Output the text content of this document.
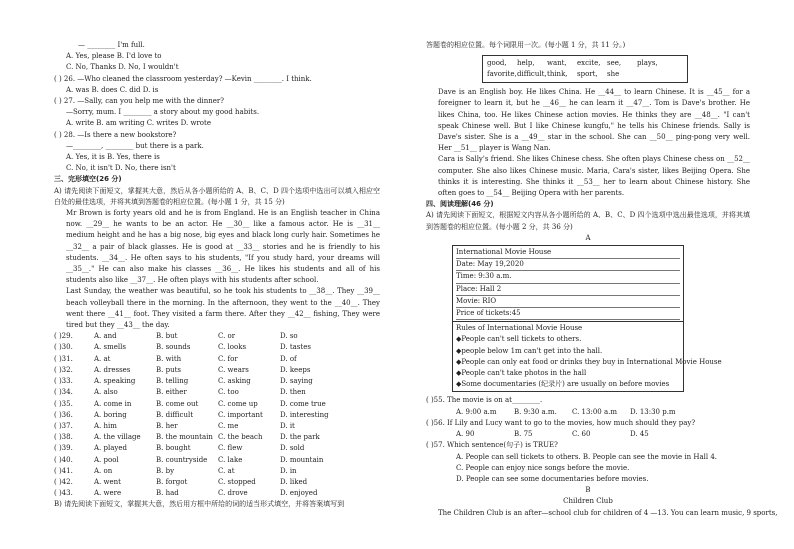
— ________ I'm full.
A. Yes, please B. I'd love to
C. No, Thanks D. No, I wouldn't
( ) 26. —Who cleaned the classroom yesterday? —Kevin ________. I think.
A. was B. does C. did D. is
( ) 27. —Sally, can you help me with the dinner?
—Sorry, mum. I ________ a story about my good habits.
A. write B. am writing C. writes D. wrote
( ) 28. —Is there a new bookstore?
—________, ________ but there is a park.
A. Yes, it is B. Yes, there is
C. No, it isn't D. No, there isn't
三、完形填空(26 分)
A) 请先阅读下面短文，掌握其大意，然后从各小题所给的 A、B、C、D 四个选项中选出可以填入相应空白处的最佳选项，并将其填到答题卷的相应位置。(每小题 1 分，共 15 分)
Mr Brown is forty years old and he is from England. He is an English teacher in China now. __29__ he wants to be an actor. He __30__ like a famous actor. He is __31__ medium height and he has a big nose, big eyes and black long curly hair. Sometimes he __32__ a pair of black glasses. He is good at __33__ stories and he is friendly to his students. __34__. He often says to his students, "If you study hard, your dreams will __35__." He can also make his classes __36__. He likes his students and all of his students also like __37__. He often plays with his students after school.
Last Sunday, the weather was beautiful, so he took his students to __38__. They __39__ beach volleyball there in the morning. In the afternoon, they went to the __40__. They went there __41__ foot. They visited a farm there. After they __42__ fishing, They were tired but they __43__ the day.
( )29.	A. and	B. but	C. or	D. so
( )30.	A. smells	B. sounds	C. looks	D. tastes
( )31.	A. at	B. with	C. for	D. of
( )32.	A. dresses	B. puts	C. wears	D. keeps
( )33.	A. speaking	B. telling	C. asking	D. saying
( )34.	A. also	B. either	C. too	D. then
( )35.	A. come in	B. come out	C. come up	D. come true
( )36.	A. boring	B. difficult	C. important	D. interesting
( )37.	A. him	B. her	C. me	D. it
( )38.	A. the village	B. the mountain C. the beach	D. the park
( )39.	A. played	B. bought	C. flew	D. sold
( )40.	A. pool	B. countryside	C. lake	D. mountain
( )41.	A. on	B. by	C. at	D. in
( )42.	A. went	B. forgot	C. stopped	D. liked
( )43.	A. were	B. had	C. drove	D. enjoyed
B) 请先阅读下面短文，掌握其大意，然后用方框中所给的词的适当形式填空，并将答案填写到
答题卷的相应位置。每个词限用一次。(每小题 1 分，共 11 分。)
good, help, want, excite, see, plays,
favorite,difficult,think, sport, she
Dave is an English boy. He likes China. He __44__ to learn Chinese. It is __45__ for a foreigner to learn it, but he __46__ he can learn it __47__. Tom is Dave's brother. He likes China, too. He likes Chinese action movies. He thinks they are __48__. "I can't speak Chinese well. But I like Chinese kungfu," he tells his Chinese friends. Sally is Dave's sister. She is a __49__ star in the school. She can __50__ ping-pong very well. Her __51__ player is Wang Nan.
Cara is Sally's friend. She likes Chinese chess. She often plays Chinese chess on __52__ computer. She also likes Chinese music. Maria, Cara's sister, likes Beijing Opera. She thinks it is interesting. She thinks it __53__ her to learn about Chinese history. She often goes to __54__ Beijing Opera with her parents.
四、阅读理解(46 分)
A) 请先阅读下面短文，根据短文内容从各小题所给的 A、B、C、D 四个选项中选出最佳选项，并将其填到答题卷的相应位置。(每小题 2 分，共 36 分)
A
International Movie House
Date: May 19,2020
Time: 9:30 a.m.
Place: Hall 2
Movie: RIO
Price of tickets:45
Rules of International Movie House
◆People can't sell tickets to others.
◆people below 1m can't get into the hall.
◆People can only eat food or drinks they buy in International Movie House
◆People can't take photos in the hall
◆Some documentaries (纪录片) are usually on before movies
( )55. The movie is on at________.
A. 9:00 a.m	B. 9:30 a.m.	C. 13:00 a.m	D. 13:30 p.m
( )56. If Lily and Lucy want to go to the movies, how much should they pay?
A. 90	B. 75	C. 60	D. 45
( )57. Which sentence(句子) is TRUE?
A. People can sell tickets to others. B. People can see the movie in Hall 4.
C. People can enjoy nice songs before the movie.
D. People can see some documentaries before movies.
B
Children Club
The Children Club is an after—school club for children of 4 —13. You can learn music, 9 sports,
